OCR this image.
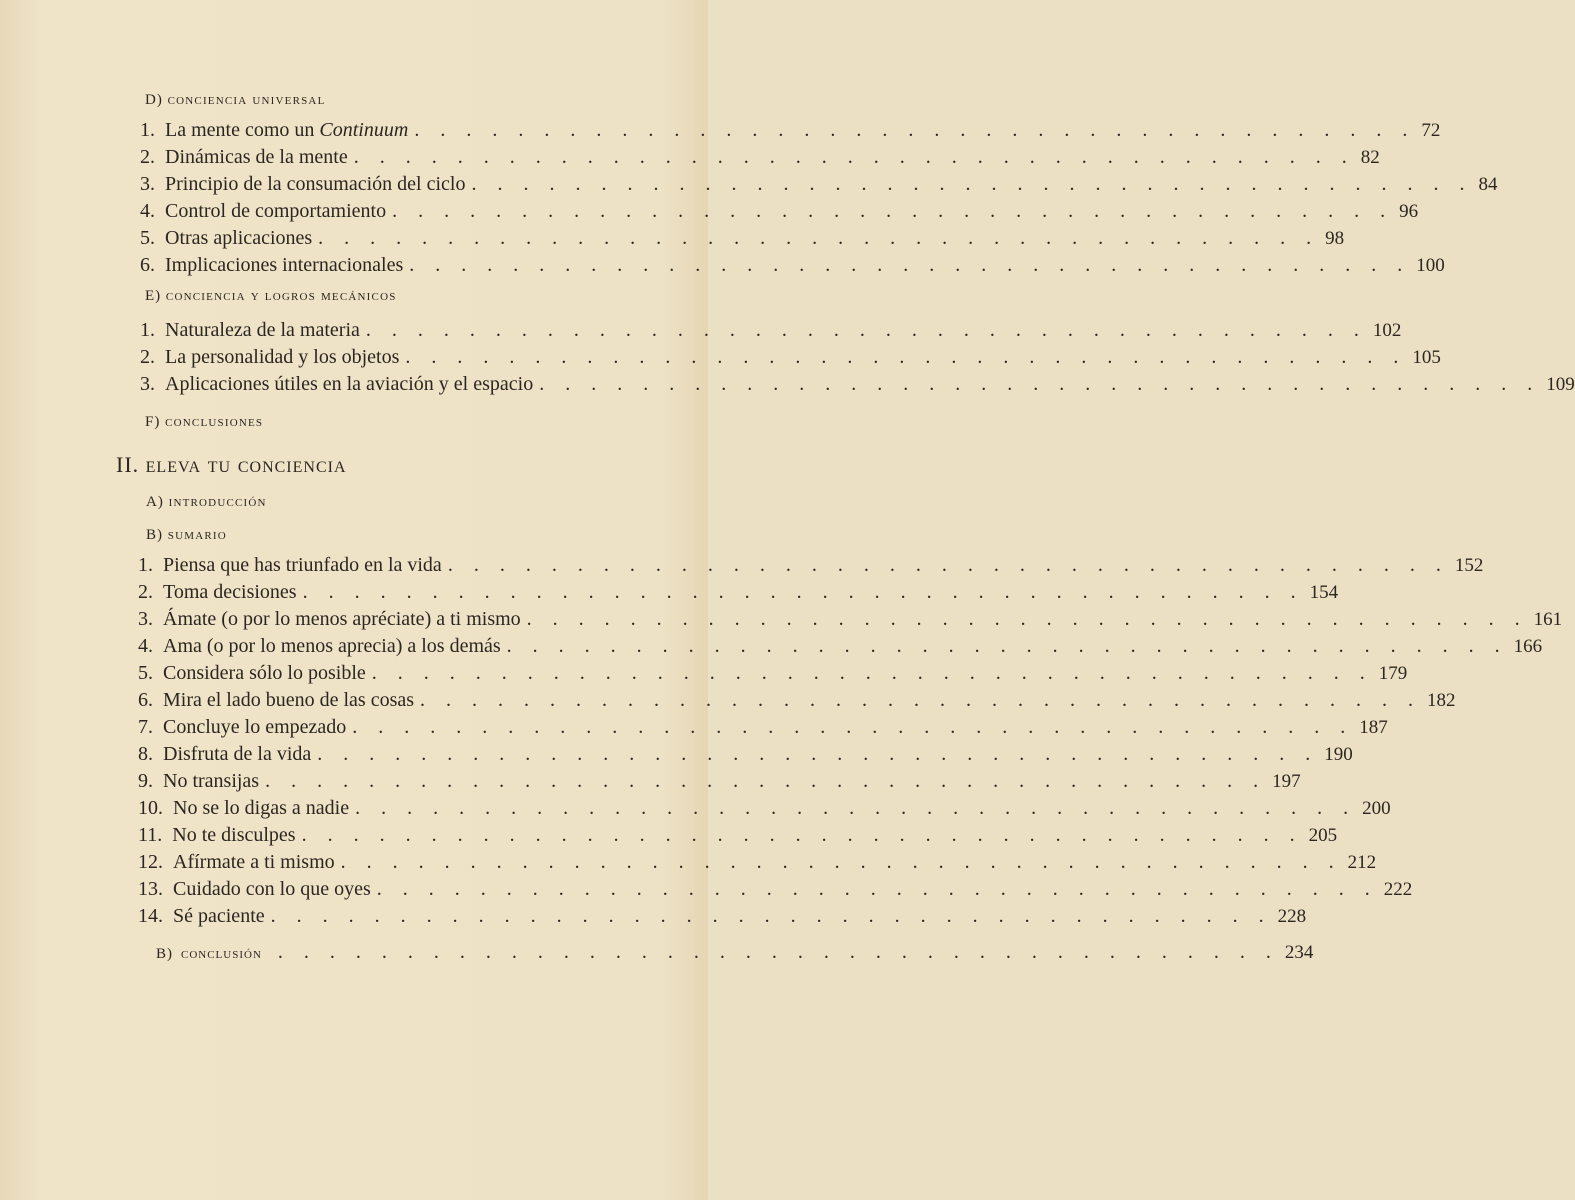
D) conciencia universal
1. La mente como un Continuum . . . . . . . . . . . . . . . . . . . . . . . . . . . . . . . . . . . . . . . 72
2. Dinámicas de la mente . . . . . . . . . . . . . . . . . . . . . . . . . . . . . . . . . . . . . . . 82
3. Principio de la consumación del ciclo . . . . . . . . . . . . . . . . . . . . . . . . . . . . . . . . . . . . . . . 84
4. Control de comportamiento . . . . . . . . . . . . . . . . . . . . . . . . . . . . . . . . . . . . . . . 96
5. Otras aplicaciones . . . . . . . . . . . . . . . . . . . . . . . . . . . . . . . . . . . . . . . 98
6. Implicaciones internacionales . . . . . . . . . . . . . . . . . . . . . . . . . . . . . . . . . . . . . . . 100
E) conciencia y logros mecánicos
1. Naturaleza de la materia . . . . . . . . . . . . . . . . . . . . . . . . . . . . . . . . . . . . . . . 102
2. La personalidad y los objetos . . . . . . . . . . . . . . . . . . . . . . . . . . . . . . . . . . . . . . . 105
3. Aplicaciones útiles en la aviación y el espacio . . . . . . . . . . . . . . . . . . . . . . . . . . . . . . . . . . . . . . . 109
F) conclusiones
II. eleva tu conciencia
A) introducción
B) sumario
1. Piensa que has triunfado en la vida . . . . . . . . . . . . . . . . . . . . . . . . . . . . . . . . . . . . . . . 152
2. Toma decisiones . . . . . . . . . . . . . . . . . . . . . . . . . . . . . . . . . . . . . . . 154
3. Ámate (o por lo menos apréciate) a ti mismo . . . . . . . . . . . . . . . . . . . . . . . . . . . . . . . . . . . . . . . 161
4. Ama (o por lo menos aprecia) a los demás . . . . . . . . . . . . . . . . . . . . . . . . . . . . . . . . . . . . . . . 166
5. Considera sólo lo posible . . . . . . . . . . . . . . . . . . . . . . . . . . . . . . . . . . . . . . . 179
6. Mira el lado bueno de las cosas . . . . . . . . . . . . . . . . . . . . . . . . . . . . . . . . . . . . . . . 182
7. Concluye lo empezado . . . . . . . . . . . . . . . . . . . . . . . . . . . . . . . . . . . . . . . 187
8. Disfruta de la vida . . . . . . . . . . . . . . . . . . . . . . . . . . . . . . . . . . . . . . . 190
9. No transijas . . . . . . . . . . . . . . . . . . . . . . . . . . . . . . . . . . . . . . . 197
10. No se lo digas a nadie . . . . . . . . . . . . . . . . . . . . . . . . . . . . . . . . . . . . . . . 200
11. No te disculpes . . . . . . . . . . . . . . . . . . . . . . . . . . . . . . . . . . . . . . . 205
12. Afírmate a ti mismo . . . . . . . . . . . . . . . . . . . . . . . . . . . . . . . . . . . . . . . 212
13. Cuidado con lo que oyes . . . . . . . . . . . . . . . . . . . . . . . . . . . . . . . . . . . . . . . 222
14. Sé paciente . . . . . . . . . . . . . . . . . . . . . . . . . . . . . . . . . . . . . . . 228
B) conclusión . . . . . . . . . . . . . . . . . . . . . . . . . . . . . . . . . . . . . . . 234
